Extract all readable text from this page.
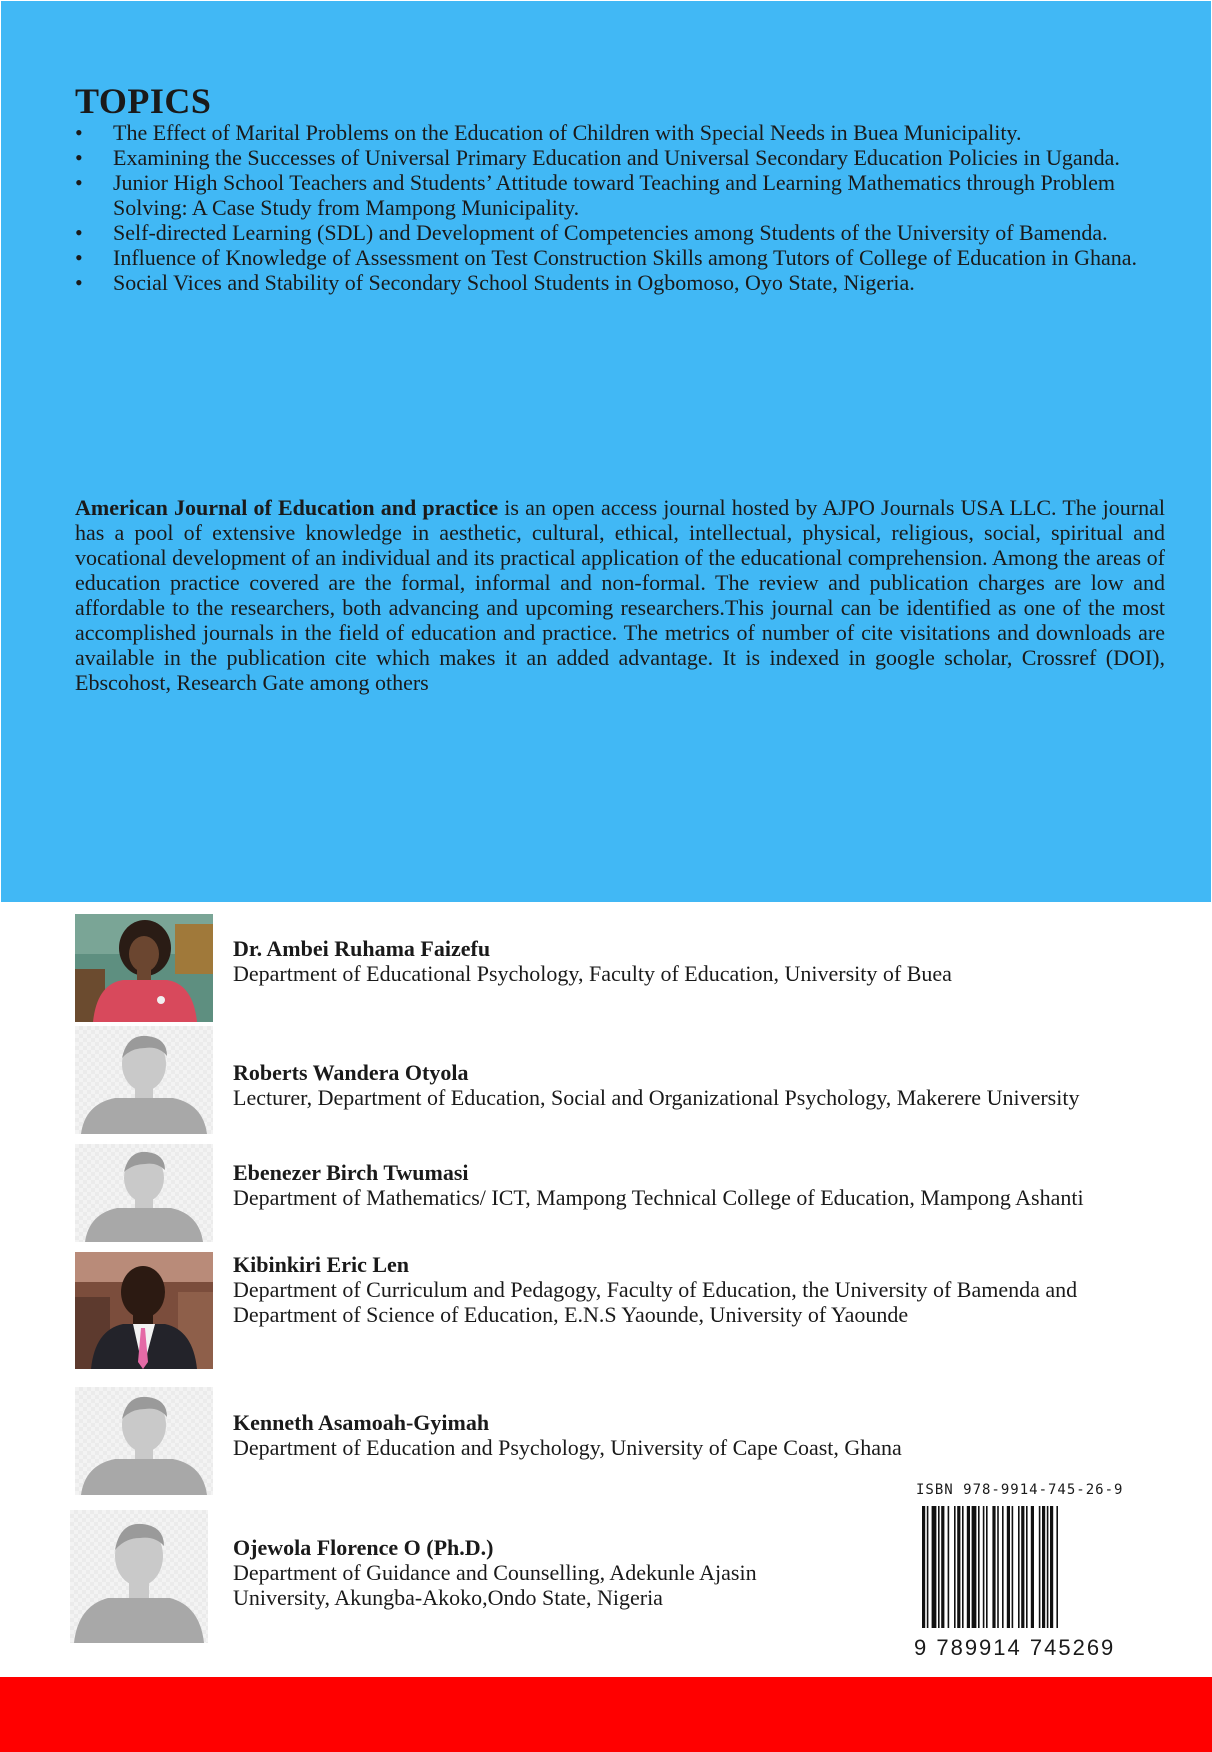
TOPICS
• The Effect of Marital Problems on the Education of Children with Special Needs in Buea Municipality.
• Examining the Successes of Universal Primary Education and Universal Secondary Education Policies in Uganda.
• Junior High School Teachers and Students’ Attitude toward Teaching and Learning Mathematics through Problem Solving: A Case Study from Mampong Municipality.
• Self-directed Learning (SDL) and Development of Competencies among Students of the University of Bamenda.
• Influence of Knowledge of Assessment on Test Construction Skills among Tutors of College of Education in Ghana.
• Social Vices and Stability of Secondary School Students in Ogbomoso, Oyo State, Nigeria.
American Journal of Education and practice is an open access journal hosted by AJPO Journals USA LLC. The journal has a pool of extensive knowledge in aesthetic, cultural, ethical, intellectual, physical, religious, social, spiritual and vocational development of an individual and its practical application of the educational comprehension. Among the areas of education practice covered are the formal, informal and non-formal. The review and publication charges are low and affordable to the researchers, both advancing and upcoming researchers.This journal can be identified as one of the most accomplished journals in the field of education and practice. The metrics of number of cite visitations and downloads are available in the publication cite which makes it an added advantage. It is indexed in google scholar, Crossref (DOI), Ebscohost, Research Gate among others
Dr. Ambei Ruhama Faizefu
Department of Educational Psychology, Faculty of Education, University of Buea
Roberts Wandera Otyola
Lecturer, Department of Education, Social and Organizational Psychology, Makerere University
Ebenezer Birch Twumasi
Department of Mathematics/ ICT, Mampong Technical College of Education, Mampong Ashanti
Kibinkiri Eric Len
Department of Curriculum and Pedagogy, Faculty of Education, the University of Bamenda and Department of Science of Education, E.N.S Yaounde, University of Yaounde
Kenneth Asamoah-Gyimah
Department of Education and Psychology, University of Cape Coast, Ghana
Ojewola Florence O (Ph.D.)
Department of Guidance and Counselling, Adekunle Ajasin University, Akungba-Akoko,Ondo State, Nigeria
ISBN 978-9914-745-26-9
9 789914 745269
